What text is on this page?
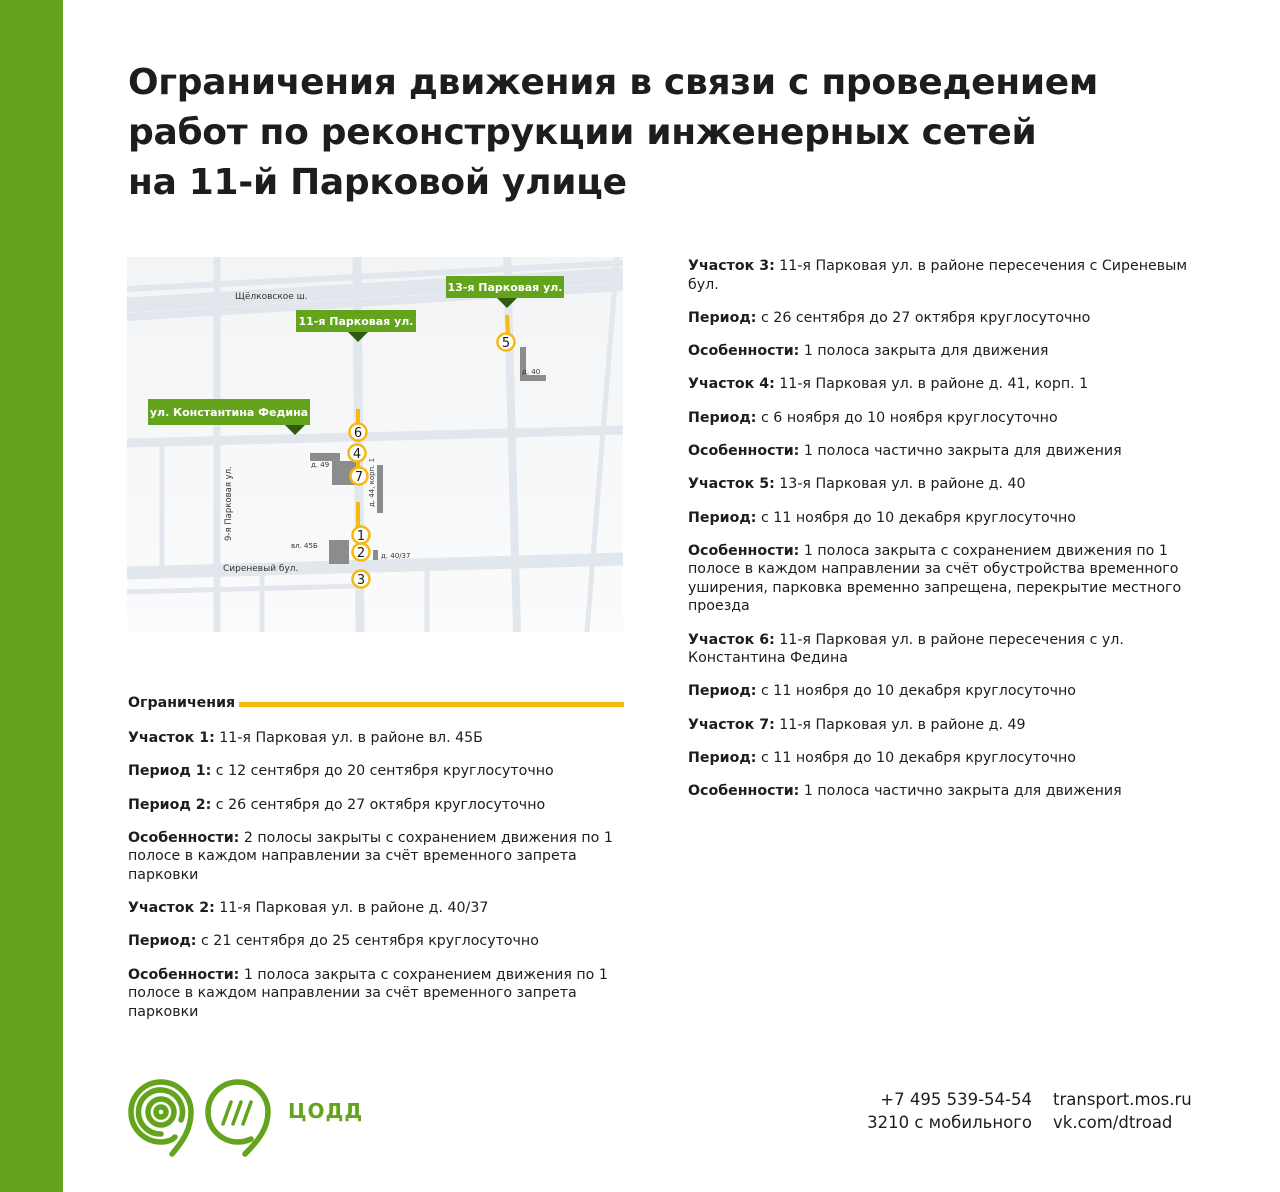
Ограничения движения в связи с проведением
работ по реконструкции инженерных сетей
на 11-й Парковой улице
Щёлковское ш.
9-я Парковая ул.
Сиреневый бул.
д. 40
д. 49	д. 44, корп. 1
вл. 45Б
д. 40/37
13-я Парковая ул.
11-я Парковая ул.
ул. Константина Федина
5
6
4
7
1
2
3
Ограничения

Участок 1: 11-я Парковая ул. в районе вл. 45Б

Период 1: с 12 сентября до 20 сентября круглосуточно

Период 2: с 26 сентября до 27 октября круглосуточно

Особенности: 2 полосы закрыты с сохранением движения по 1 полосе в каждом направлении за счёт временного запрета парковки

Участок 2: 11-я Парковая ул. в районе д. 40/37

Период: с 21 сентября до 25 сентября круглосуточно

Особенности: 1 полоса закрыта с сохранением движения по 1 полосе в каждом направлении за счёт временного запрета парковки

Участок 3: 11-я Парковая ул. в районе пересечения с Сиреневым бул.

Период: с 26 сентября до 27 октября круглосуточно

Особенности: 1 полоса закрыта для движения

Участок 4: 11-я Парковая ул. в районе д. 41, корп. 1

Период: с 6 ноября до 10 ноября круглосуточно

Особенности: 1 полоса частично закрыта для движения

Участок 5: 13-я Парковая ул. в районе д. 40

Период: с 11 ноября до 10 декабря круглосуточно

Особенности: 1 полоса закрыта с сохранением движения по 1 полосе в каждом направлении за счёт обустройства временного уширения, парковка временно запрещена, перекрытие местного проезда

Участок 6: 11-я Парковая ул. в районе пересечения с ул. Константина Федина

Период: с 11 ноября до 10 декабря круглосуточно

Участок 7: 11-я Парковая ул. в районе д. 49

Период: с 11 ноября до 10 декабря круглосуточно

Особенности: 1 полоса частично закрыта для движения

ЦОДД	+7 495 539-54-54
3210 с мобильного
transport.mos.ru
vk.com/dtroad
